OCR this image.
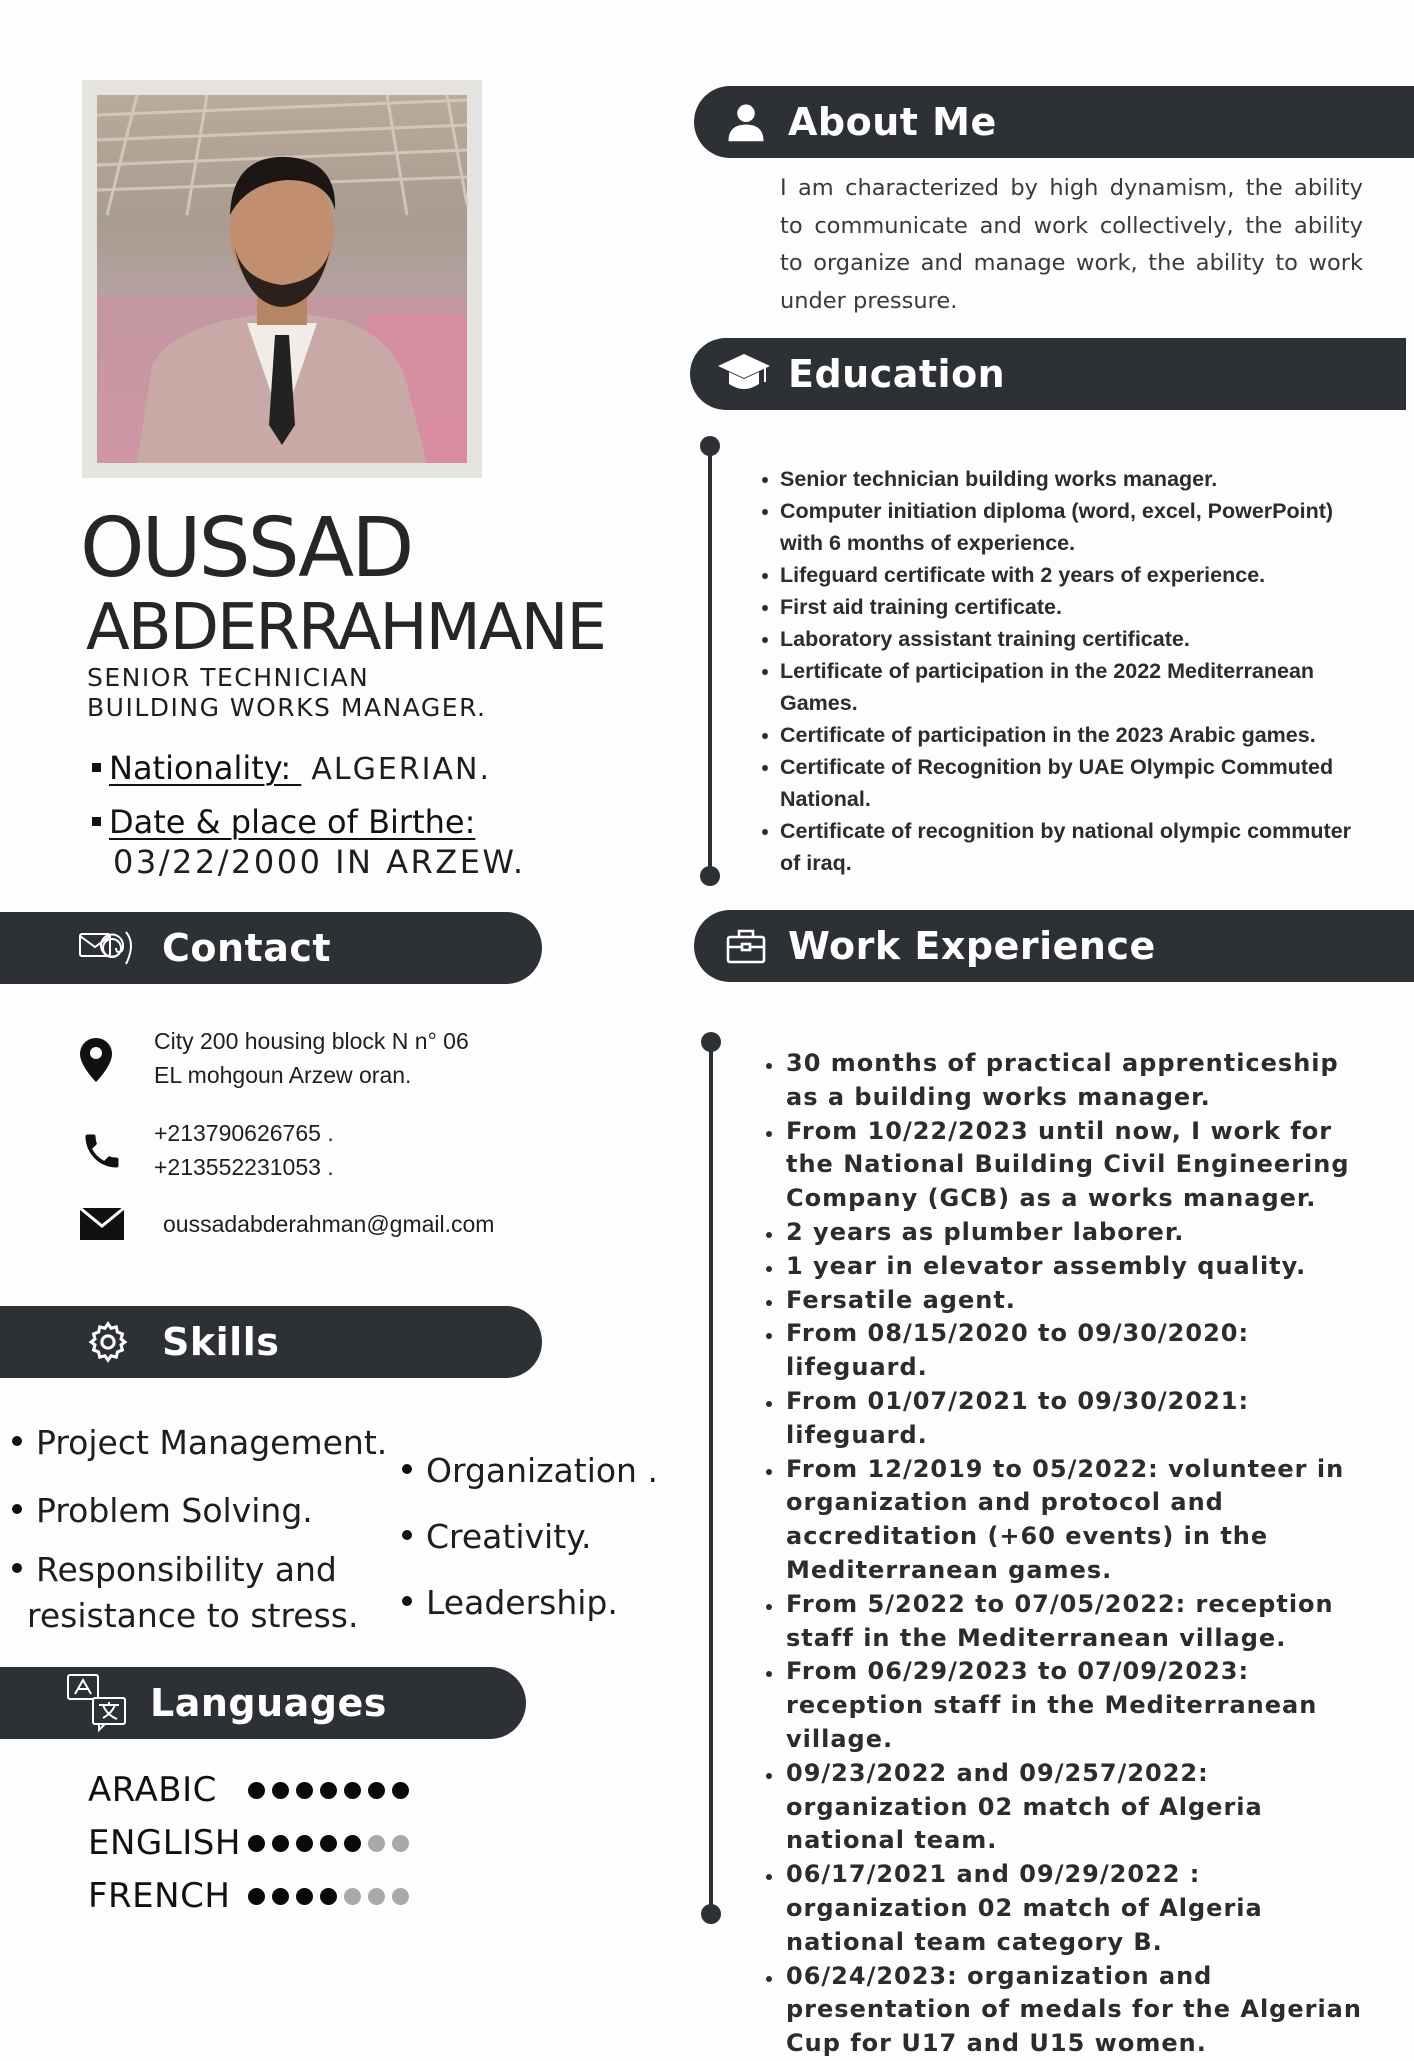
OUSSAD
ABDERRAHMANE
SENIOR TECHNICIAN
BUILDING WORKS MANAGER.
Nationality: ALGERIAN.
Date & place of Birthe:
03/22/2000 IN ARZEW.
Contact
City 200 housing block N n° 06
EL mohgoun Arzew oran.
+213790626765 .
+213552231053 .
oussadabderahman@gmail.com
Skills
Project Management.
Problem Solving.
Responsibility and
resistance to stress.
Organization .
Creativity.
Leadership.
Languages
ARABIC
ENGLISH
FRENCH
About Me
I am characterized by high dynamism, the ability to communicate and work collectively, the ability to organize and manage work, the ability to work under pressure.
Education
Senior technician building works manager.
Computer initiation diploma (word, excel, PowerPoint) with 6 months of experience.
Lifeguard certificate with 2 years of experience.
First aid training certificate.
Laboratory assistant training certificate.
Lertificate of participation in the 2022 Mediterranean Games.
Certificate of participation in the 2023 Arabic games.
Certificate of Recognition by UAE Olympic Commuted National.
Certificate of recognition by national olympic commuter of iraq.
Work Experience
30 months of practical apprenticeship as a building works manager.
From 10/22/2023 until now, I work for the National Building Civil Engineering Company (GCB) as a works manager.
2 years as plumber laborer.
1 year in elevator assembly quality.
Fersatile agent.
From 08/15/2020 to 09/30/2020: lifeguard.
From 01/07/2021 to 09/30/2021: lifeguard.
From 12/2019 to 05/2022: volunteer in organization and protocol and accreditation (+60 events) in the Mediterranean games.
From 5/2022 to 07/05/2022: reception staff in the Mediterranean village.
From 06/29/2023 to 07/09/2023: reception staff in the Mediterranean village.
09/23/2022 and 09/257/2022: organization 02 match of Algeria national team.
06/17/2021 and 09/29/2022 : organization 02 match of Algeria national team category B.
06/24/2023: organization and presentation of medals for the Algerian Cup for U17 and U15 women.
